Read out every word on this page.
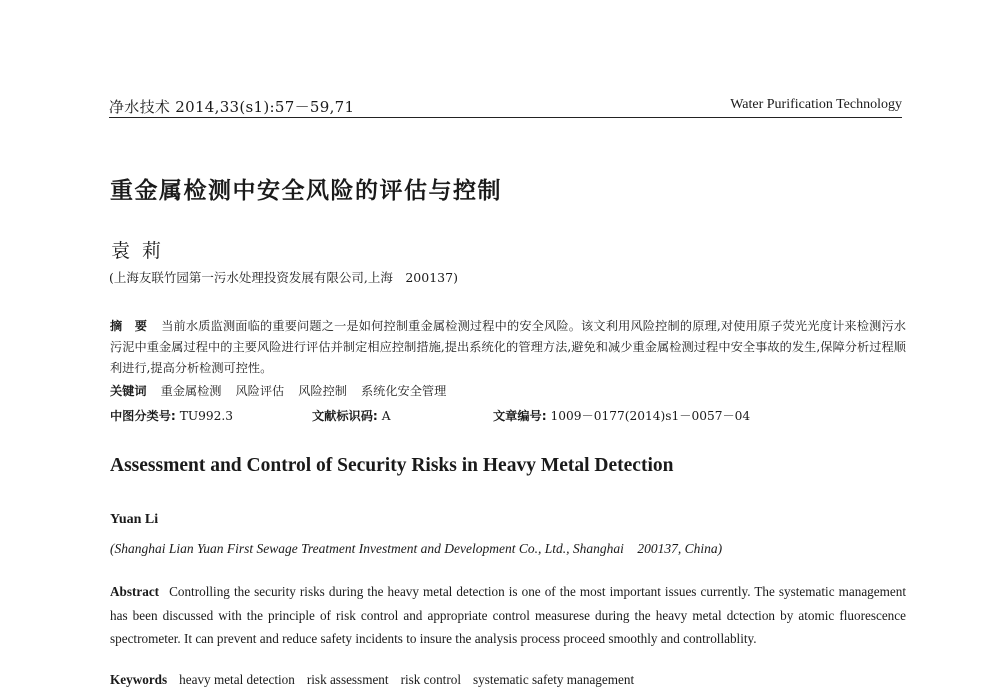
净水技术 2014,33(s1):57－59,71	Water Purification Technology
重金属检测中安全风险的评估与控制
袁莉
(上海友联竹园第一污水处理投资发展有限公司,上海　200137)
摘　要 当前水质监测面临的重要问题之一是如何控制重金属检测过程中的安全风险。该文利用风险控制的原理,对使用原子荧光光度计来检测污水污泥中重金属过程中的主要风险进行评估并制定相应控制措施,提出系统化的管理方法,避免和减少重金属检测过程中安全事故的发生,保障分析过程顺利进行,提高分析检测可控性。
关键词 重金属检测 风险评估 风险控制 系统化安全管理
中图分类号: TU992.3	文献标识码: A	文章编号: 1009－0177(2014)s1－0057－04
Assessment and Control of Security Risks in Heavy Metal Detection
Yuan Li
(Shanghai Lian Yuan First Sewage Treatment Investment and Development Co., Ltd., Shanghai　200137, China)
Abstract Controlling the security risks during the heavy metal detection is one of the most important issues currently. The systematic management has been discussed with the principle of risk control and appropriate control measurese during the heavy metal dctection by atomic fluorescence spectrometer. It can prevent and reduce safety incidents to insure the analysis process proceed smoothly and controllablity.
Keywords heavy metal detection risk assessment risk control systematic safety management
